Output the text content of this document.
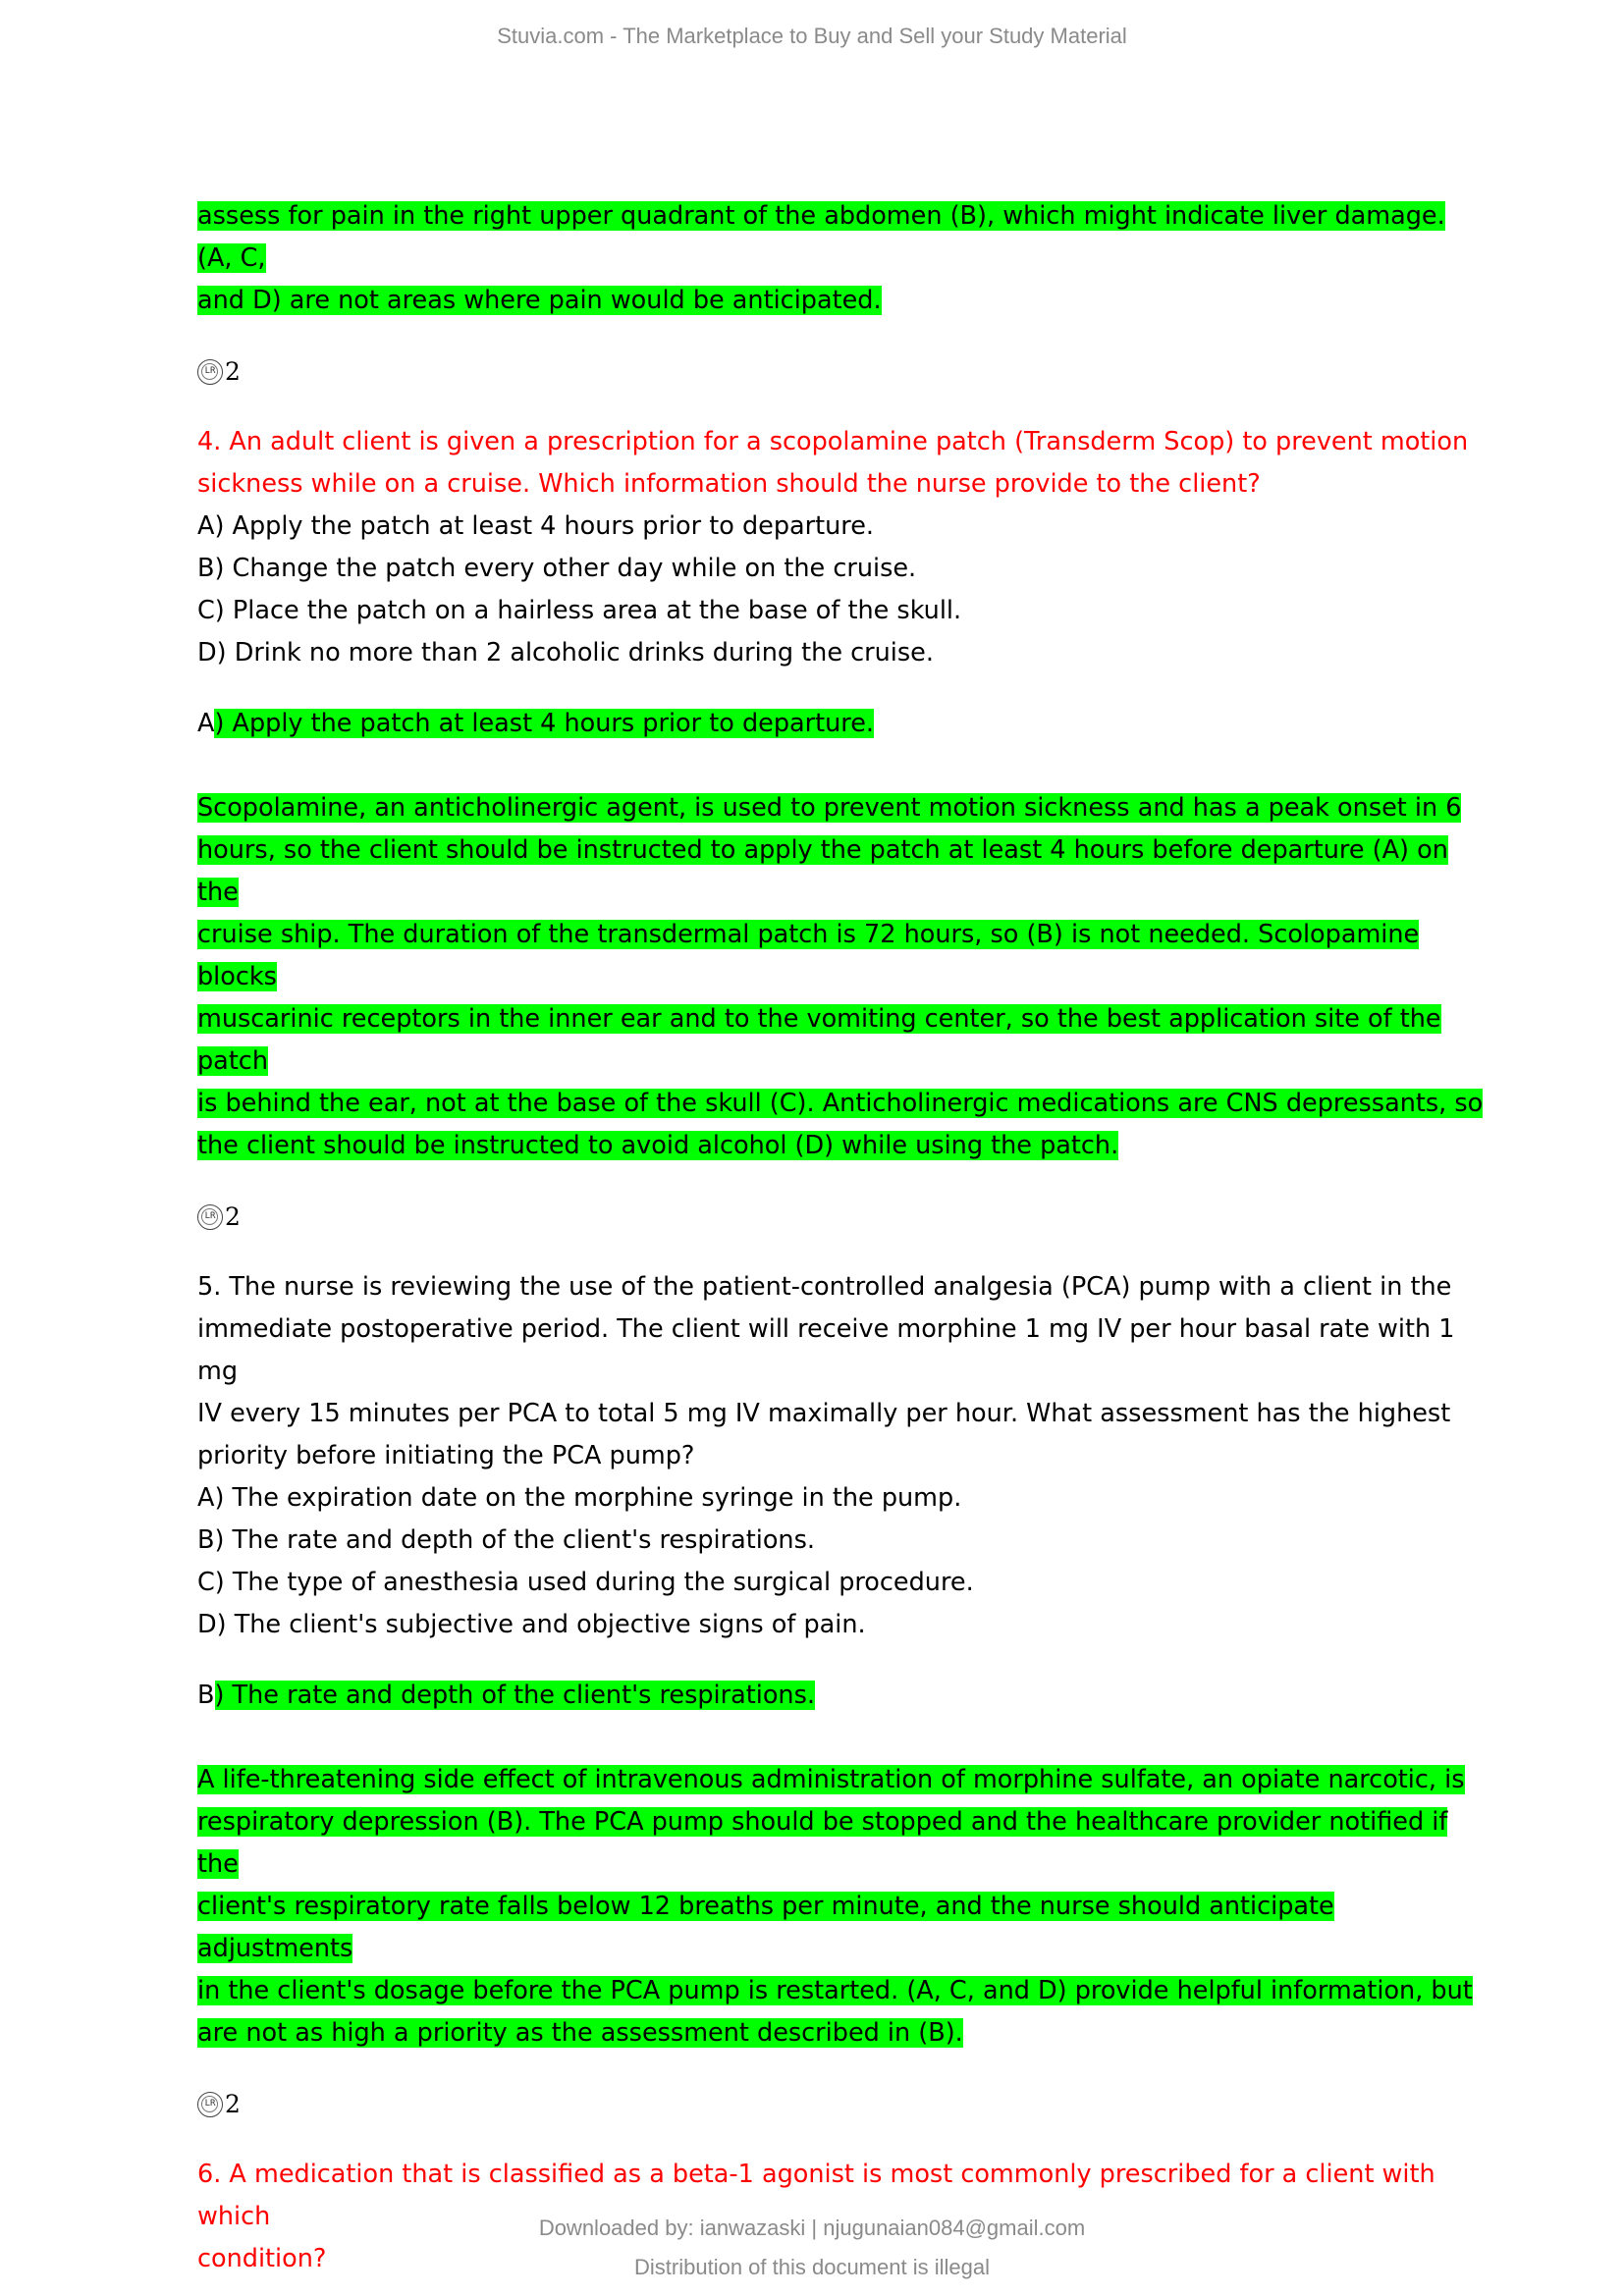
Stuvia.com - The Marketplace to Buy and Sell your Study Material
assess for pain in the right upper quadrant of the abdomen (B), which might indicate liver damage. (A, C,
and D) are not areas where pain would be anticipated.
LR 2
4. An adult client is given a prescription for a scopolamine patch (Transderm Scop) to prevent motion
sickness while on a cruise. Which information should the nurse provide to the client?
A) Apply the patch at least 4 hours prior to departure.
B) Change the patch every other day while on the cruise.
C) Place the patch on a hairless area at the base of the skull.
D) Drink no more than 2 alcoholic drinks during the cruise.
A) Apply the patch at least 4 hours prior to departure.
Scopolamine, an anticholinergic agent, is used to prevent motion sickness and has a peak onset in 6
hours, so the client should be instructed to apply the patch at least 4 hours before departure (A) on the
cruise ship. The duration of the transdermal patch is 72 hours, so (B) is not needed. Scolopamine blocks
muscarinic receptors in the inner ear and to the vomiting center, so the best application site of the patch
is behind the ear, not at the base of the skull (C). Anticholinergic medications are CNS depressants, so
the client should be instructed to avoid alcohol (D) while using the patch.
LR 2
5. The nurse is reviewing the use of the patient-controlled analgesia (PCA) pump with a client in the
immediate postoperative period. The client will receive morphine 1 mg IV per hour basal rate with 1 mg
IV every 15 minutes per PCA to total 5 mg IV maximally per hour. What assessment has the highest
priority before initiating the PCA pump?
A) The expiration date on the morphine syringe in the pump.
B) The rate and depth of the client's respirations.
C) The type of anesthesia used during the surgical procedure.
D) The client's subjective and objective signs of pain.
B) The rate and depth of the client's respirations.
A life-threatening side effect of intravenous administration of morphine sulfate, an opiate narcotic, is
respiratory depression (B). The PCA pump should be stopped and the healthcare provider notified if the
client's respiratory rate falls below 12 breaths per minute, and the nurse should anticipate adjustments
in the client's dosage before the PCA pump is restarted. (A, C, and D) provide helpful information, but
are not as high a priority as the assessment described in (B).
LR 2
6. A medication that is classified as a beta-1 agonist is most commonly prescribed for a client with which
condition?
Downloaded by: ianwazaski | njugunaian084@gmail.com
Distribution of this document is illegal
